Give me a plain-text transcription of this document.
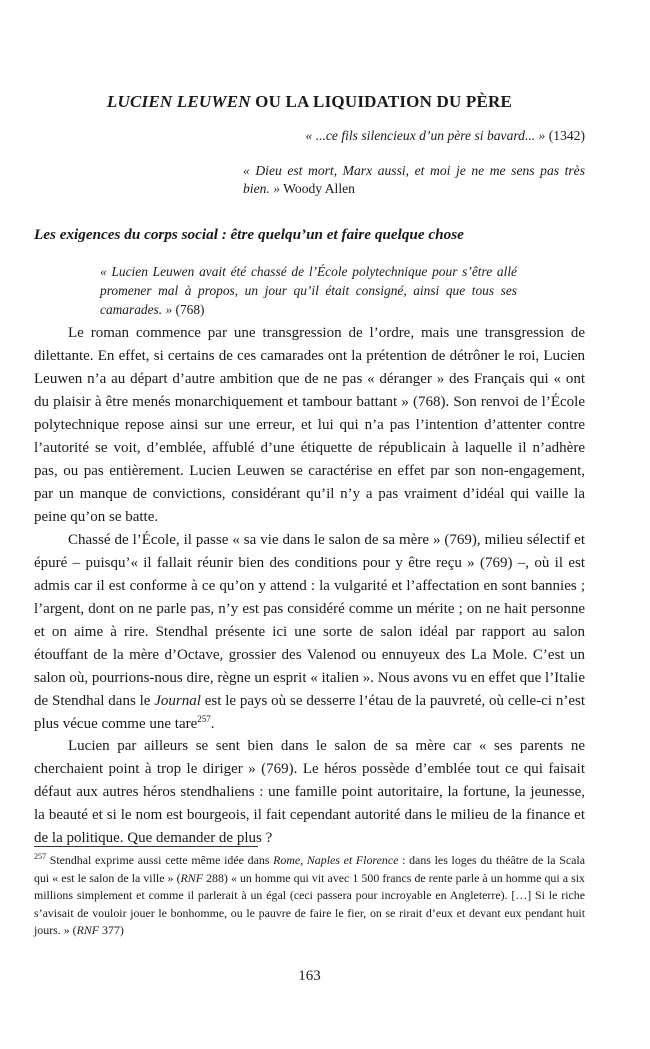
LUCIEN LEUWEN OU LA LIQUIDATION DU PÈRE
« ...ce fils silencieux d’un père si bavard... » (1342)
« Dieu est mort, Marx aussi, et moi je ne me sens pas très bien. » Woody Allen
Les exigences du corps social : être quelqu’un et faire quelque chose
« Lucien Leuwen avait été chassé de l’École polytechnique pour s’être allé promener mal à propos, un jour qu’il était consigné, ainsi que tous ses camarades. » (768)

Le roman commence par une transgression de l’ordre, mais une transgression de dilettante. En effet, si certains de ces camarades ont la prétention de détrôner le roi, Lucien Leuwen n’a au départ d’autre ambition que de ne pas « déranger » des Français qui « ont du plaisir à être menés monarchiquement et tambour battant » (768). Son renvoi de l’École polytechnique repose ainsi sur une erreur, et lui qui n’a pas l’intention d’attenter contre l’autorité se voit, d’emblée, affublé d’une étiquette de républicain à laquelle il n’adhère pas, ou pas entièrement. Lucien Leuwen se caractérise en effet par son non-engagement, par un manque de convictions, considérant qu’il n’y a pas vraiment d’idéal qui vaille la peine qu’on se batte.

Chassé de l’École, il passe « sa vie dans le salon de sa mère » (769), milieu sélectif et épuré – puisqu’« il fallait réunir bien des conditions pour y être reçu » (769) –, où il est admis car il est conforme à ce qu’on y attend : la vulgarité et l’affectation en sont bannies ; l’argent, dont on ne parle pas, n’y est pas considéré comme un mérite ; on ne hait personne et on aime à rire. Stendhal présente ici une sorte de salon idéal par rapport au salon étouffant de la mère d’Octave, grossier des Valenod ou ennuyeux des La Mole. C’est un salon où, pourrions-nous dire, règne un esprit « italien ». Nous avons vu en effet que l’Italie de Stendhal dans le Journal est le pays où se desserre l’étau de la pauvreté, où celle-ci n’est plus vécue comme une tare$^{257}$.

Lucien par ailleurs se sent bien dans le salon de sa mère car « ses parents ne cherchaient point à trop le diriger » (769). Le héros possède d’emblée tout ce qui faisait défaut aux autres héros stendhaliens : une famille point autoritaire, la fortune, la jeunesse, la beauté et si le nom est bourgeois, il fait cependant autorité dans le milieu de la finance et de la politique. Que demander de plus ?

$^{257}$ Stendhal exprime aussi cette même idée dans Rome, Naples et Florence : dans les loges du théâtre de la Scala qui « est le salon de la ville » (RNF 288) « un homme qui vit avec 1 500 francs de rente parle à un homme qui a six millions simplement et comme il parlerait à un égal (ceci passera pour incroyable en Angleterre). […] Si le riche s’avisait de vouloir jouer le bonhomme, ou le pauvre de faire le fier, on se rirait d’eux et devant eux pendant huit jours. » (RNF 377)
163
